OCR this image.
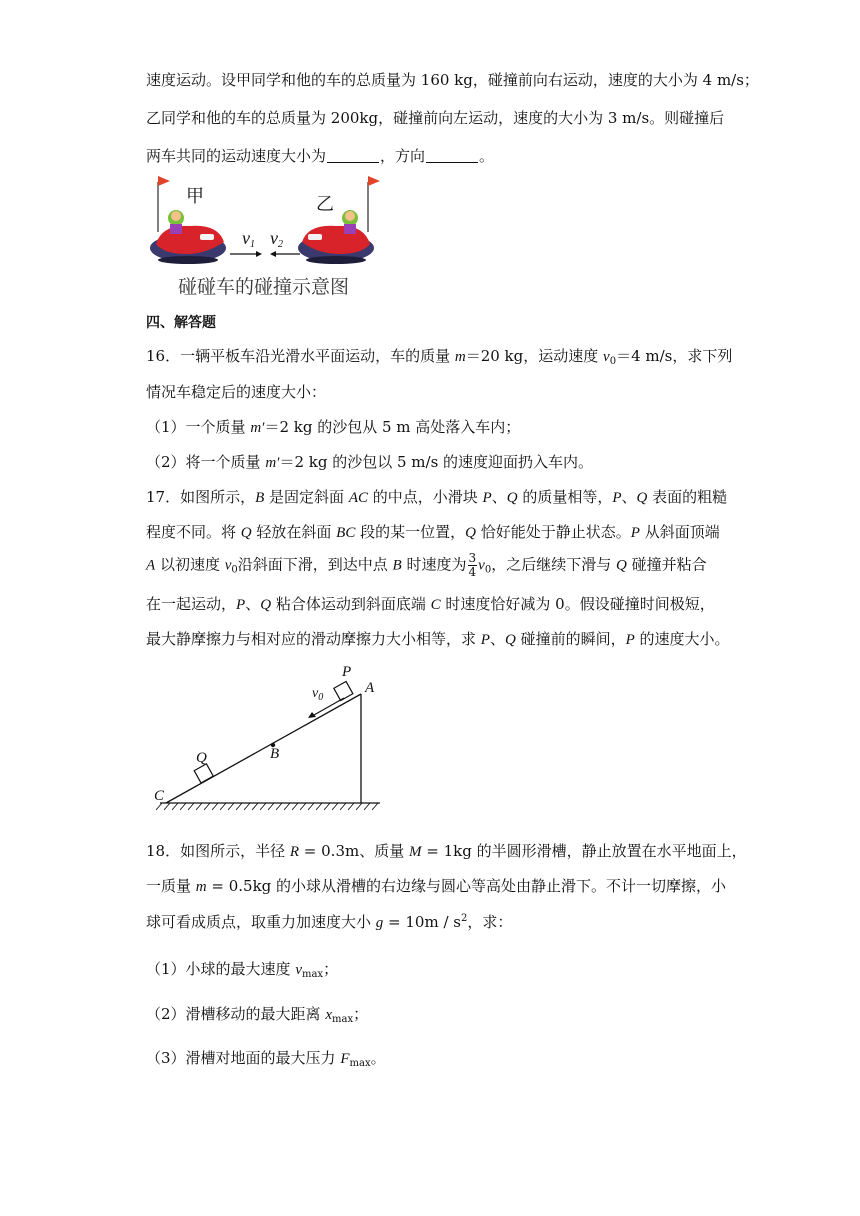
速度运动。设甲同学和他的车的总质量为 160 kg，碰撞前向右运动，速度的大小为 4 m/s；
乙同学和他的车的总质量为 200kg，碰撞前向左运动，速度的大小为 3 m/s。则碰撞后
两车共同的运动速度大小为	，方向	。
甲	乙
$v_1$ $v_2$
碰碰车的碰撞示意图
四、解答题
16．一辆平板车沿光滑水平面运动，车的质量 m＝20 kg，运动速度 $v_0=4$ m/s，求下列
情况车稳定后的速度大小：
（1）一个质量 m′＝2 kg 的沙包从 5 m 高处落入车内；
（2）将一个质量 m′＝2 kg 的沙包以 5 m/s 的速度迎面扔入车内。
17．如图所示，B 是固定斜面 AC 的中点，小滑块 P、Q 的质量相等，P、Q 表面的粗糙
程度不同。将 Q 轻放在斜面 BC 段的某一位置，Q 恰好能处于静止状态。P 从斜面顶端
A 以初速度 $v_0$沿斜面下滑，到达中点 B 时速度为 $\frac{3}{4} v_0$，之后继续下滑与 Q 碰撞并粘合
在一起运动，P、Q 粘合体运动到斜面底端 C 时速度恰好减为 0。假设碰撞时间极短，
最大静摩擦力与相对应的滑动摩擦力大小相等，求 P、Q 碰撞前的瞬间，P 的速度大小。
P
A
$v_0$
Q	B
C
18．如图所示，半径 R = 0.3m、质量 M = 1kg 的半圆形滑槽，静止放置在水平地面上，
一质量 m = 0.5kg 的小球从滑槽的右边缘与圆心等高处由静止滑下。不计一切摩擦，小
球可看成质点，取重力加速度大小 $g = 10m / s^2$，求：
（1）小球的最大速度 $v_{max}$；
（2）滑槽移动的最大距离 $x_{max}$；
（3）滑槽对地面的最大压力 $F_{max}$。
